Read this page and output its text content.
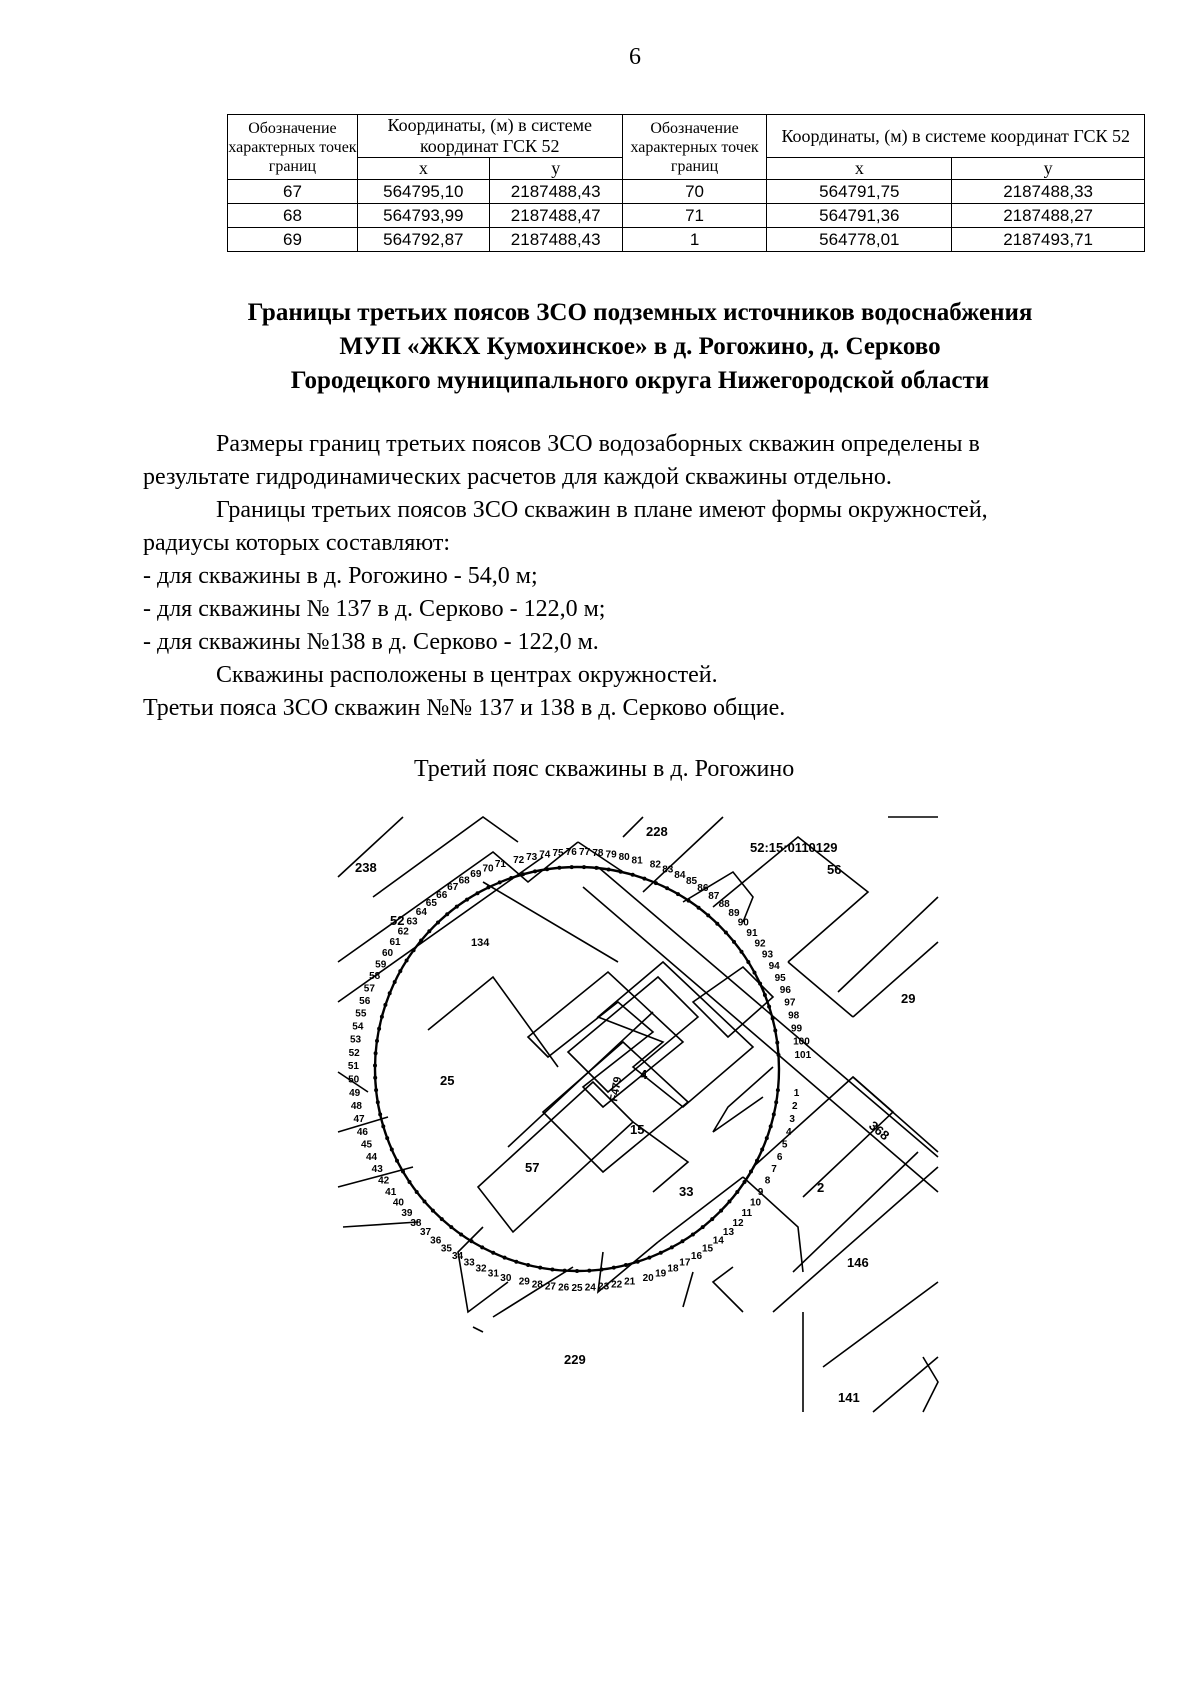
6
Обозначение характерных точек границ	Координаты, (м) в системе координат ГСК 52		Обозначение характерных точек границ	Координаты, (м) в системе координат ГСК 52	
	х	у		х	у
67	564795,10	2187488,43	70	564791,75	2187488,33
68	564793,99	2187488,47	71	564791,36	2187488,27
69	564792,87	2187488,43	1	564778,01	2187493,71
Границы третьих поясов ЗСО подземных источников водоснабжения
МУП «ЖКХ Кумохинское» в д. Рогожино, д. Серково
Городецкого муниципального округа Нижегородской области

Размеры границ третьих поясов ЗСО водозаборных скважин определены в

результате гидродинамических расчетов для каждой скважины отдельно.

Границы третьих поясов ЗСО скважин в плане имеют формы окружностей,

радиусы которых составляют:

- для скважины в д. Рогожино - 54,0 м;

- для скважины № 137 в д. Серково - 122,0 м;

- для скважины №138 в д. Серково - 122,0 м.

Скважины расположены в центрах окружностей.

Третьи пояса ЗСО скважин №№ 137 и 138 в д. Серково общие.

Третий пояс скважины в д. Рогожино
1
2
3
4
5
6
7
8
9
10
11
12
13
14
15
16
17
18
19
20
21
22
23
24
25
26
27
28
29
30
31
32
33
34
35
36
37
38
39
40
41
42
43
44
45
46
47
48
49
50
51
52
53
54
55
56
57
58
59
60
61
62
63
64
65
66
67
68
69 70 71 72 73 74 75 76 77 78 79 80 81 82 83
84
85
86
87
88
89
90
91
92
93
94
95
96
97
98
99
100
101
228
238	56
52
29
25	4
15
57
33	2
146
229
141
368
134
F479
52:15:0110129
